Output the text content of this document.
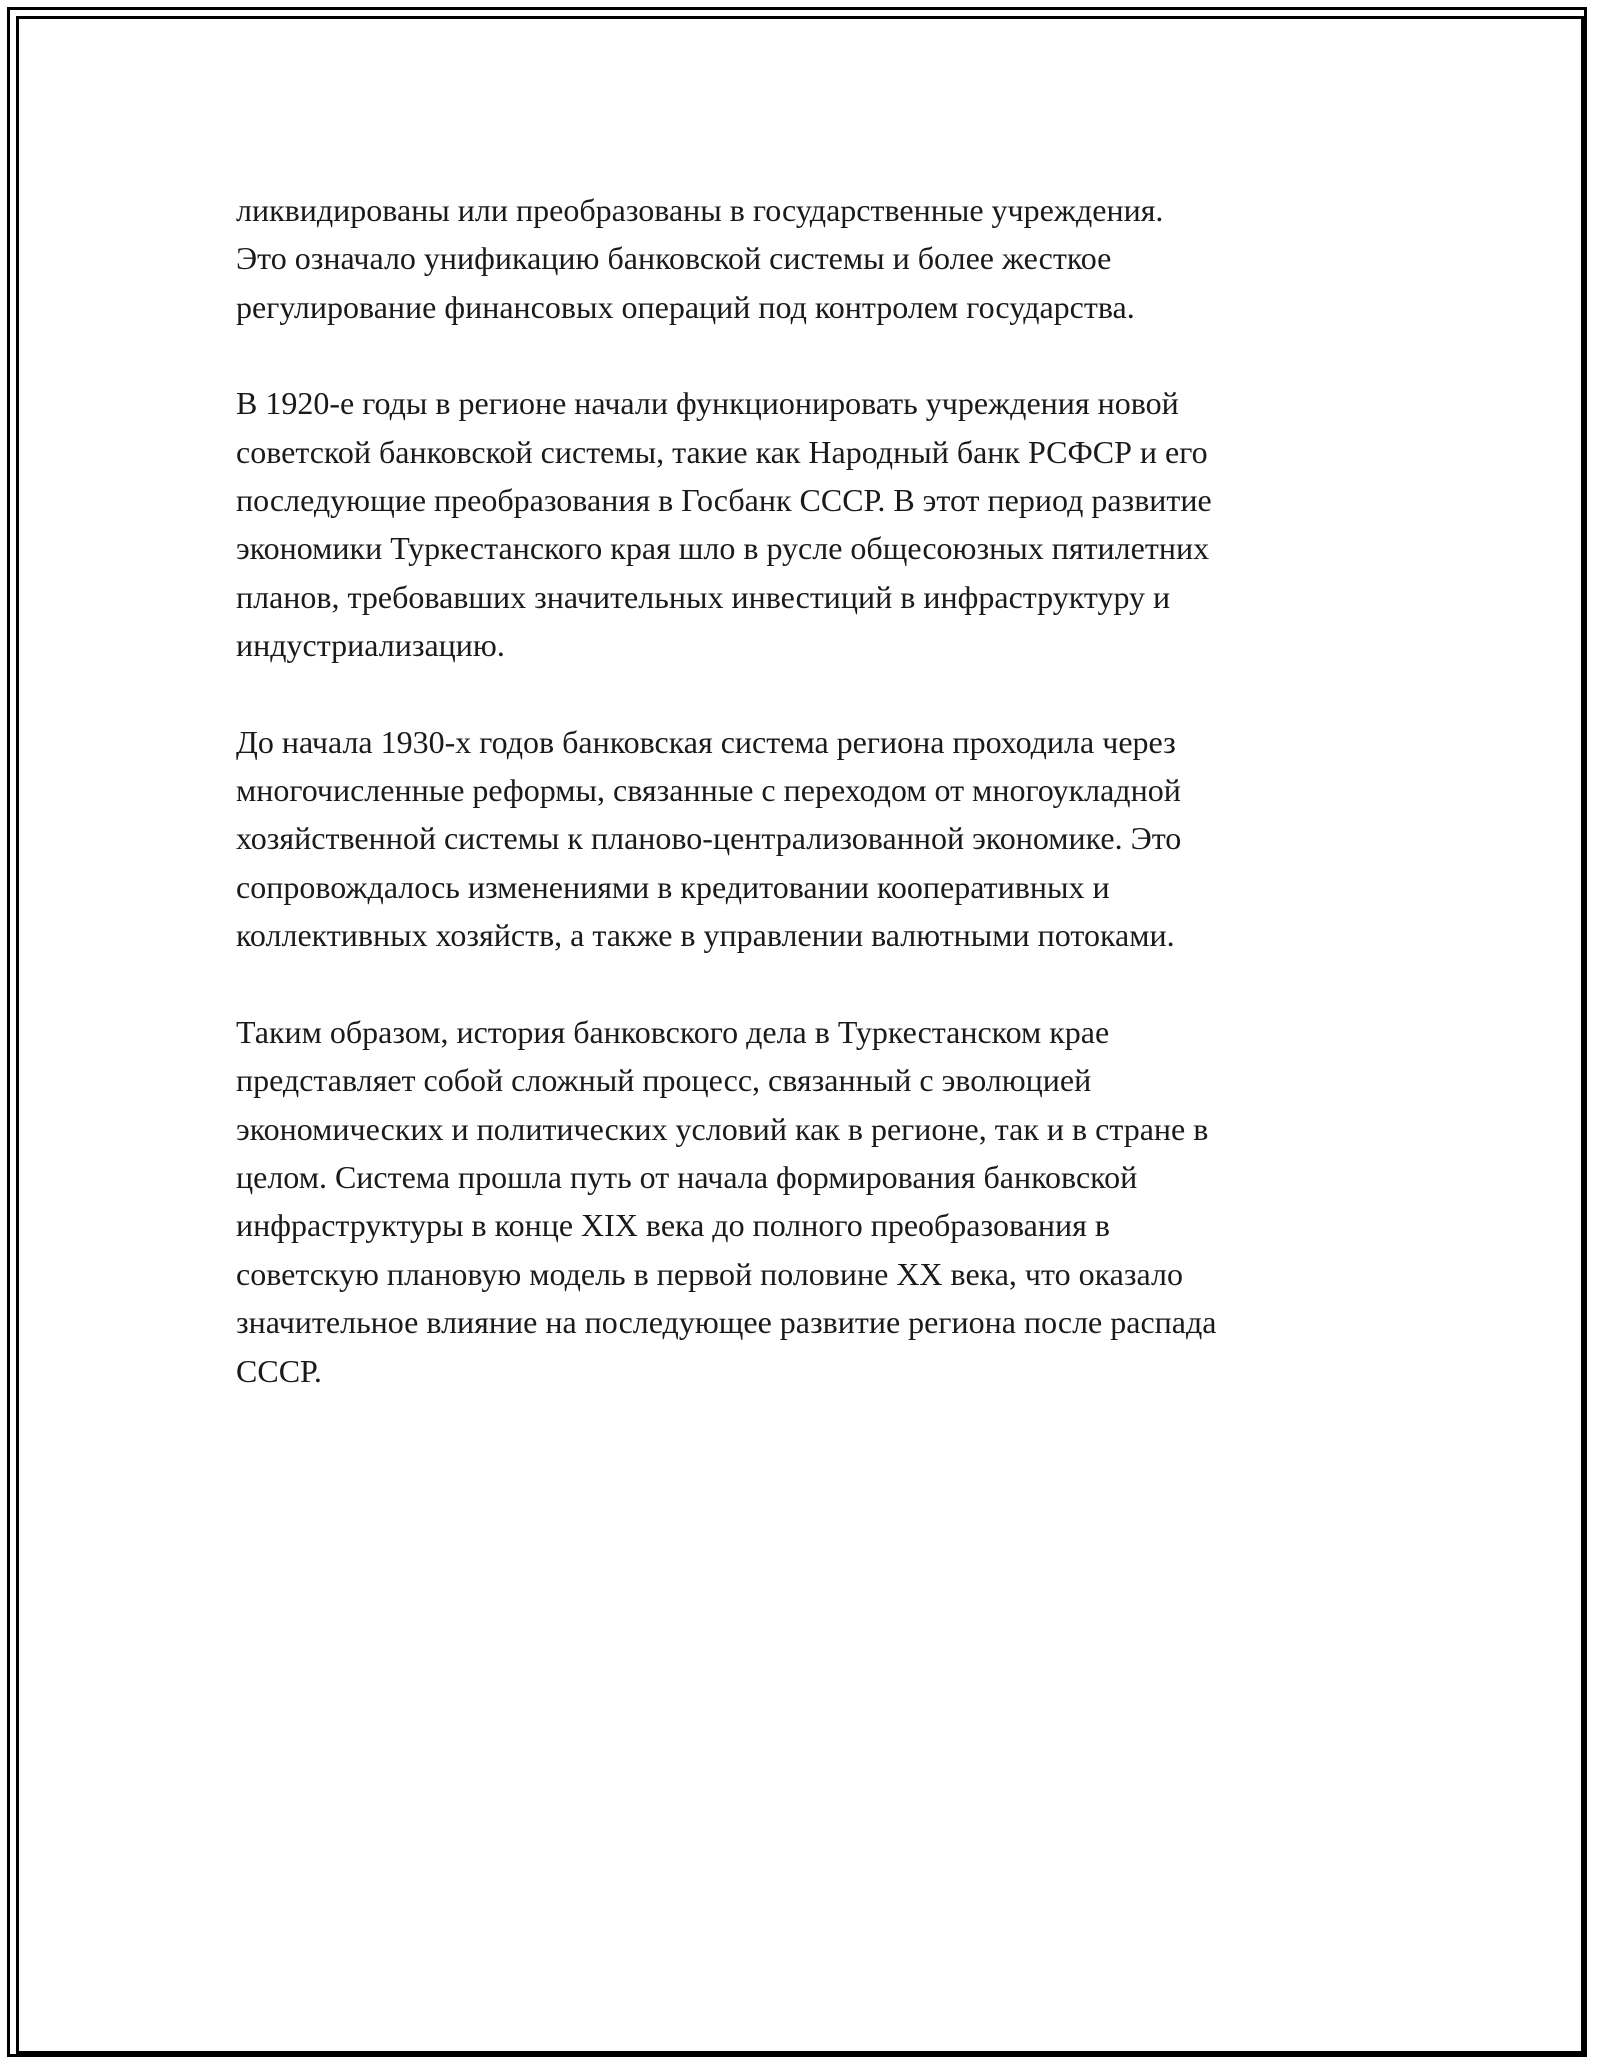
ликвидированы или преобразованы в государственные учреждения.
Это означало унификацию банковской системы и более жесткое
регулирование финансовых операций под контролем государства.

В 1920-е годы в регионе начали функционировать учреждения новой
советской банковской системы, такие как Народный банк РСФСР и его
последующие преобразования в Госбанк СССР. В этот период развитие
экономики Туркестанского края шло в русле общесоюзных пятилетних
планов, требовавших значительных инвестиций в инфраструктуру и
индустриализацию.

До начала 1930-х годов банковская система региона проходила через
многочисленные реформы, связанные с переходом от многоукладной
хозяйственной системы к планово-централизованной экономике. Это
сопровождалось изменениями в кредитовании кооперативных и
коллективных хозяйств, а также в управлении валютными потоками.

Таким образом, история банковского дела в Туркестанском крае
представляет собой сложный процесс, связанный с эволюцией
экономических и политических условий как в регионе, так и в стране в
целом. Система прошла путь от начала формирования банковской
инфраструктуры в конце XIX века до полного преобразования в
советскую плановую модель в первой половине XX века, что оказало
значительное влияние на последующее развитие региона после распада
СССР.
